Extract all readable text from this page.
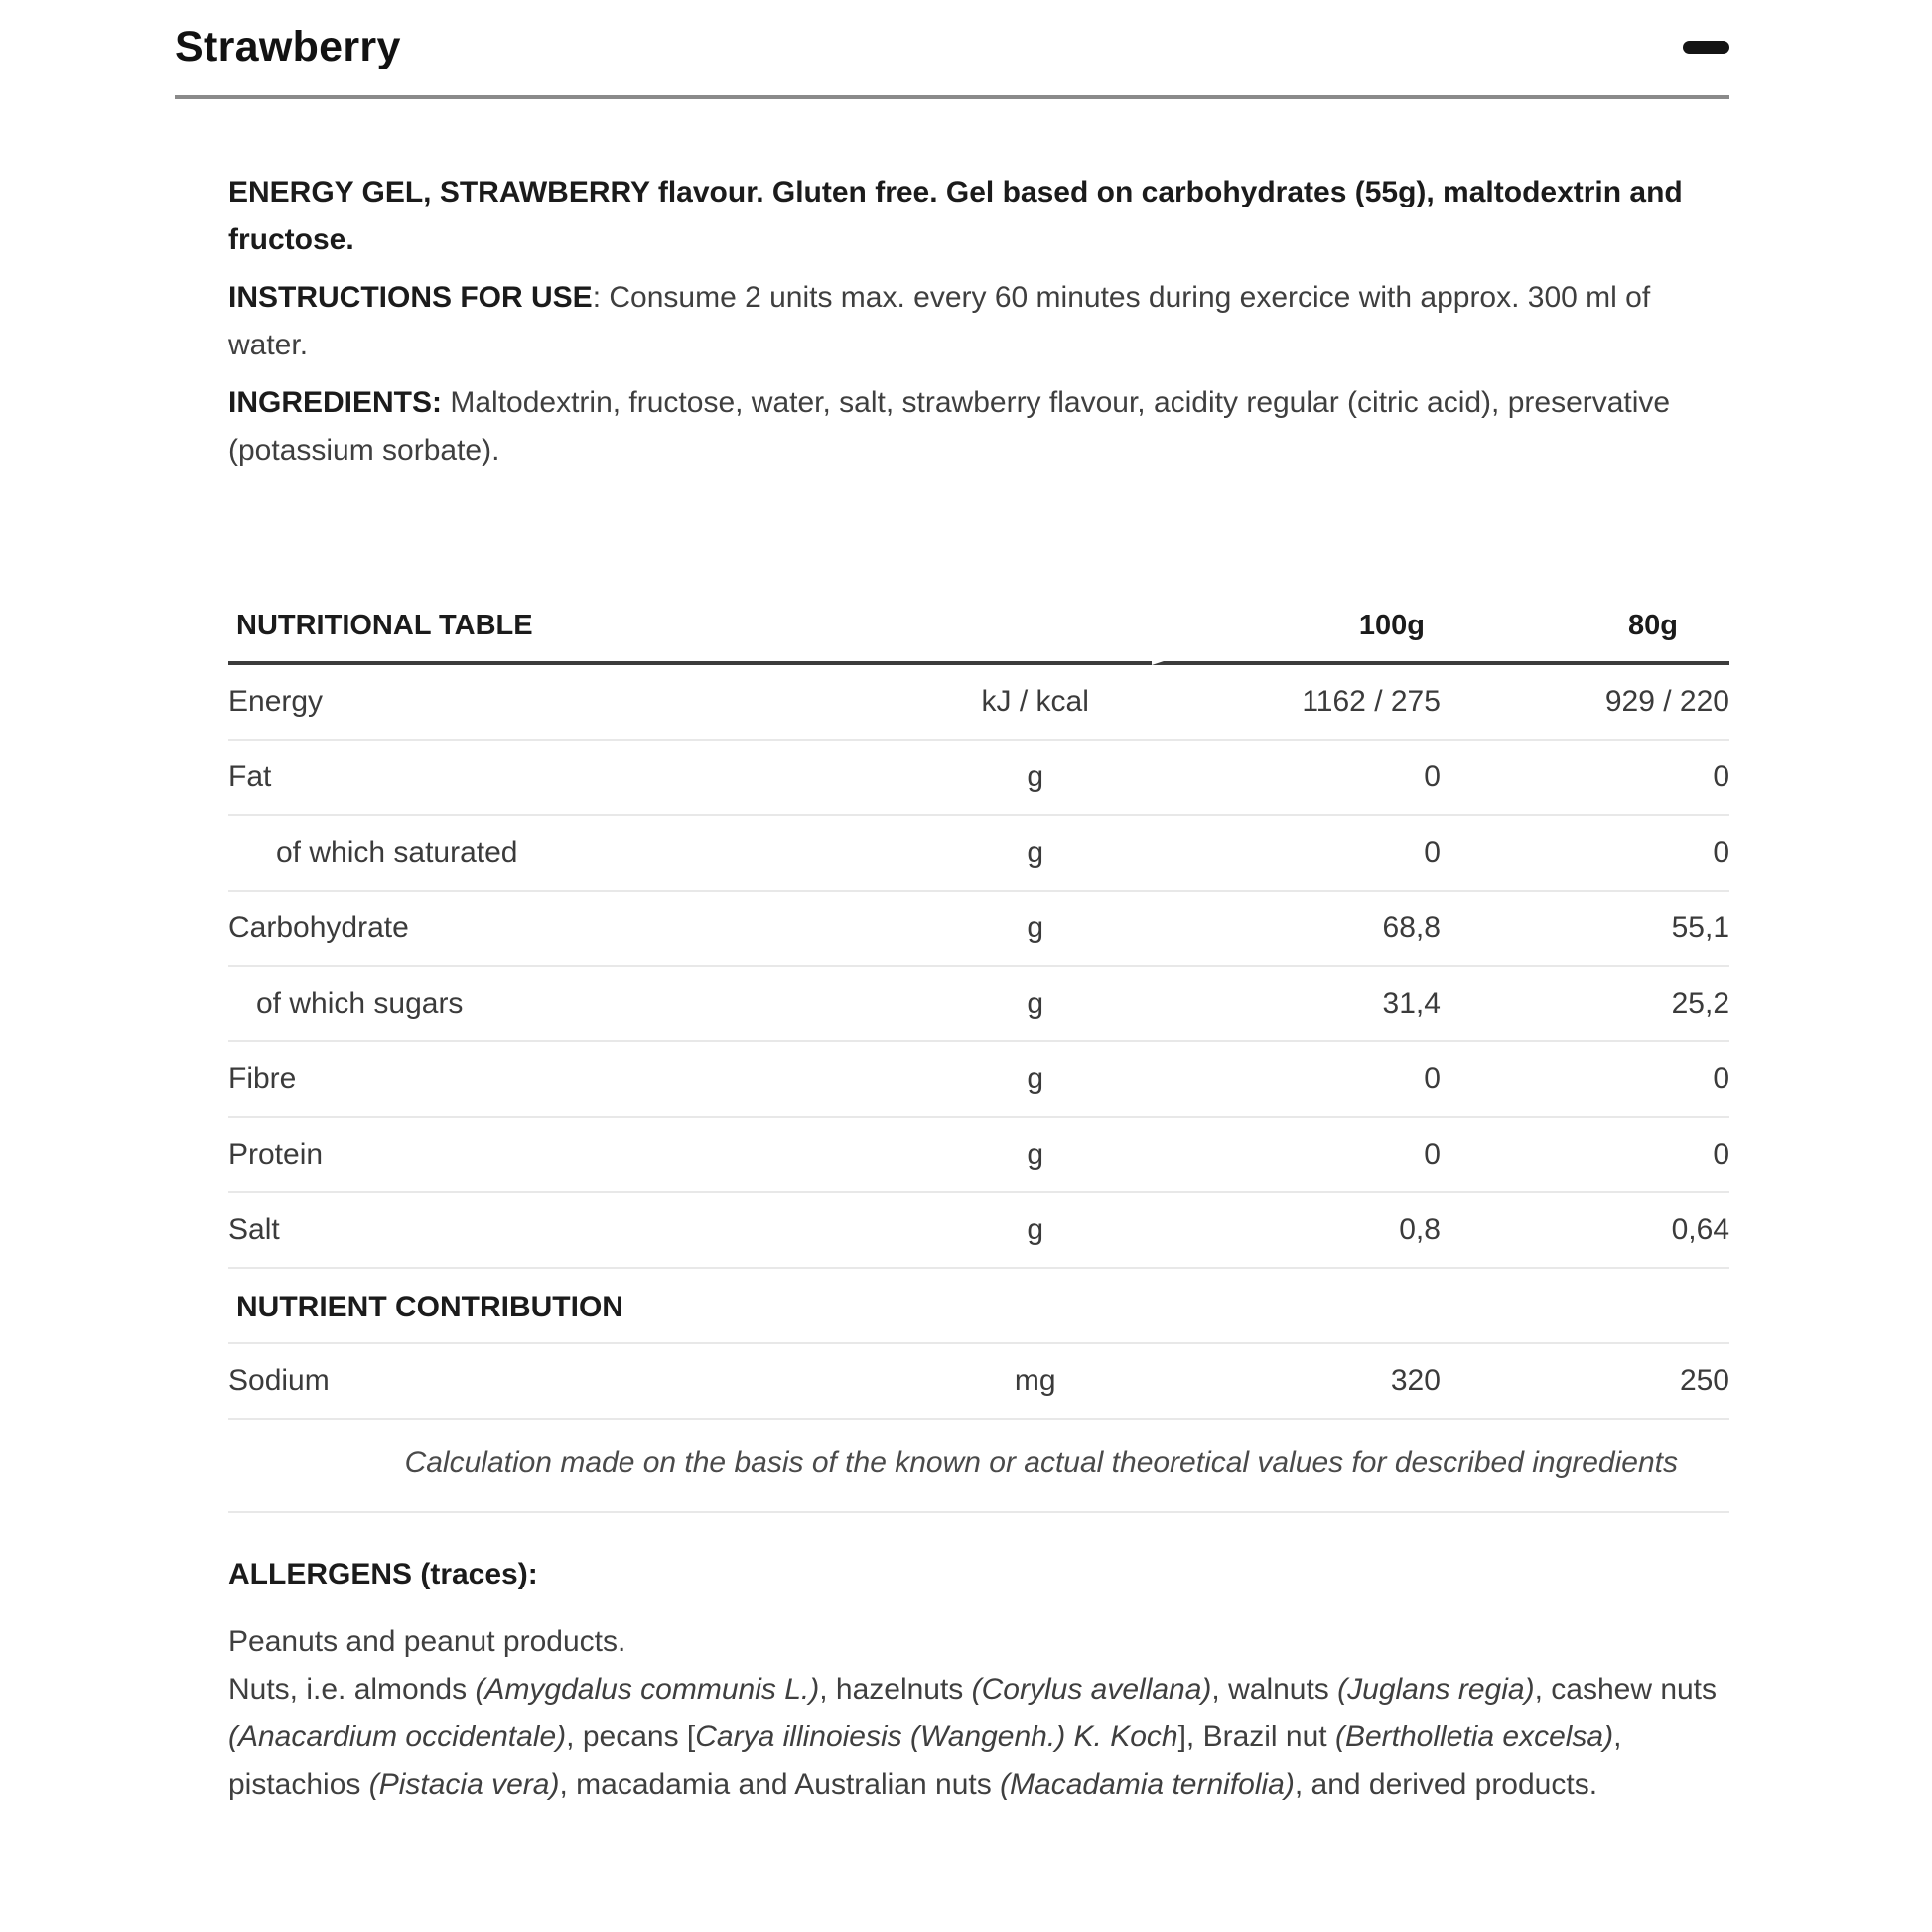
Strawberry

ENERGY GEL, STRAWBERRY flavour. Gluten free. Gel based on carbohydrates (55g), maltodextrin and fructose.

INSTRUCTIONS FOR USE: Consume 2 units max. every 60 minutes during exercice with approx. 300 ml of water.

INGREDIENTS: Maltodextrin, fructose, water, salt, strawberry flavour, acidity regular (citric acid), preservative (potassium sorbate).

NUTRITIONAL TABLE		100g	80g
Energy	kJ / kcal	1162 / 275	929 / 220
Fat	g	0	0
of which saturated	g	0	0
Carbohydrate	g	68,8	55,1
of which sugars	g	31,4	25,2
Fibre	g	0	0
Protein	g	0	0
Salt	g	0,8	0,64
NUTRIENT CONTRIBUTION			
Sodium	mg	320	250

Calculation made on the basis of the known or actual theoretical values for described ingredients			
ALLERGENS (traces):

Peanuts and peanut products.

Nuts, i.e. almonds (Amygdalus communis L.), hazelnuts (Corylus avellana), walnuts (Juglans regia), cashew nuts (Anacardium occidentale), pecans [Carya illinoiesis (Wangenh.) K. Koch], Brazil nut (Bertholletia excelsa), pistachios (Pistacia vera), macadamia and Australian nuts (Macadamia ternifolia), and derived products.
